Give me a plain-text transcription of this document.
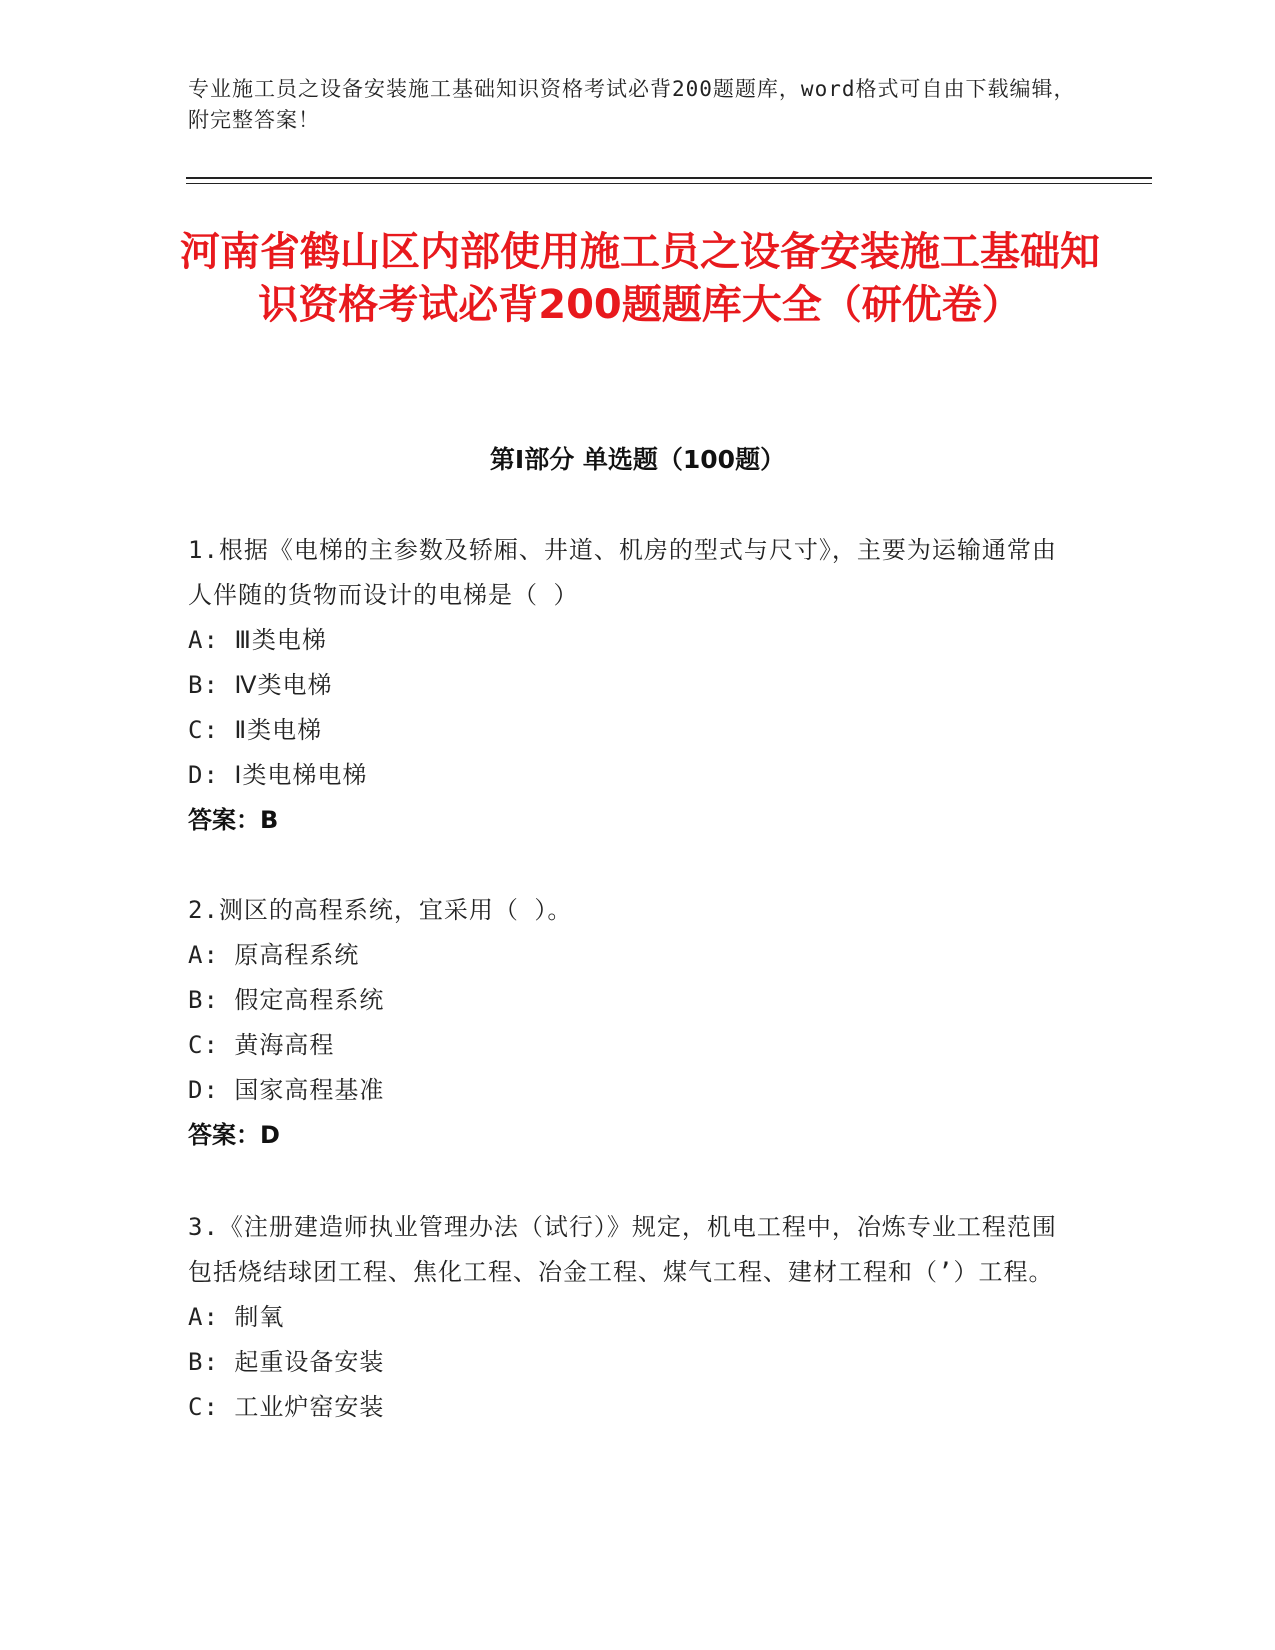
专业施工员之设备安装施工基础知识资格考试必背200题题库，word格式可自由下载编辑，附完整答案！
河南省鹤山区内部使用施工员之设备安装施工基础知识资格考试必背200题题库大全（研优卷）
第I部分 单选题（100题）
1.根据《电梯的主参数及轿厢、井道、机房的型式与尺寸》，主要为运输通常由人伴随的货物而设计的电梯是（ ）
A: Ⅲ类电梯
B: Ⅳ类电梯
C: Ⅱ类电梯
D: Ⅰ类电梯电梯
答案：B
2.测区的高程系统，宜采用（ ）。
A: 原高程系统
B: 假定高程系统
C: 黄海高程
D: 国家高程基准
答案：D
3.《注册建造师执业管理办法（试行）》规定，机电工程中，冶炼专业工程范围包括烧结球团工程、焦化工程、冶金工程、煤气工程、建材工程和（’）工程。
A: 制氧
B: 起重设备安装
C: 工业炉窑安装
